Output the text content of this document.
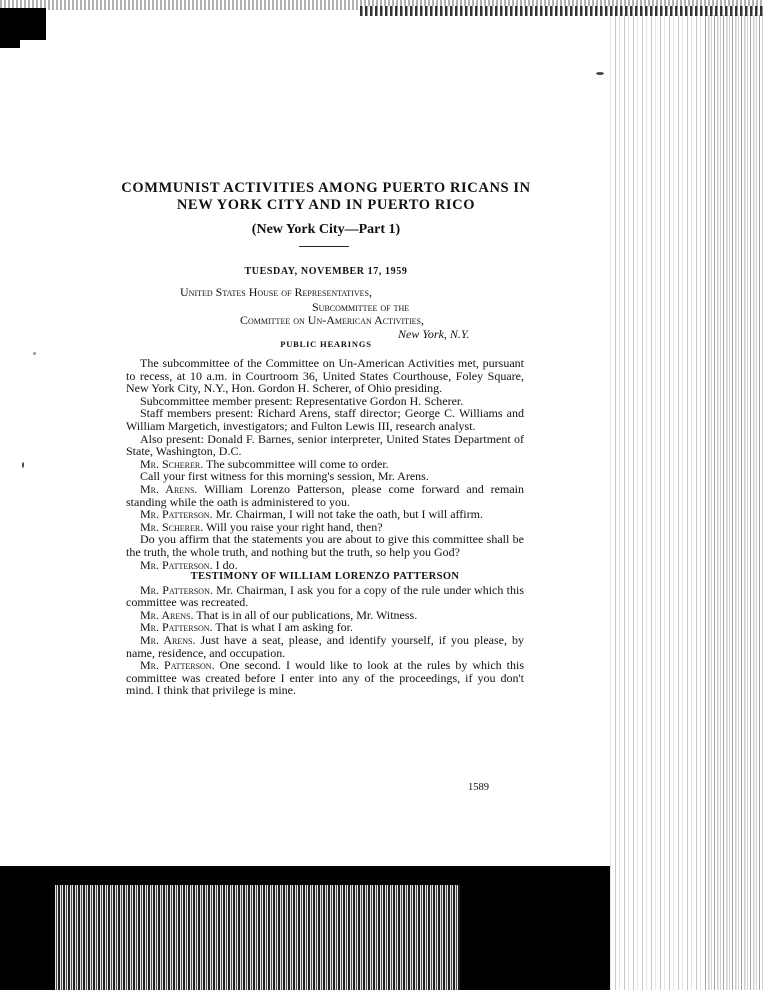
COMMUNIST ACTIVITIES AMONG PUERTO RICANS IN
NEW YORK CITY AND IN PUERTO RICO
(New York City—Part 1)
TUESDAY, NOVEMBER 17, 1959
United States House of Representatives,
Subcommittee of the
Committee on Un-American Activities,
New York, N.Y.
PUBLIC HEARINGS

The subcommittee of the Committee on Un-American Activities met, pursuant to recess, at 10 a.m. in Courtroom 36, United States Courthouse, Foley Square, New York City, N.Y., Hon. Gordon H. Scherer, of Ohio presiding.

Subcommittee member present: Representative Gordon H. Scherer.

Staff members present: Richard Arens, staff director; George C. Williams and William Margetich, investigators; and Fulton Lewis III, research analyst.

Also present: Donald F. Barnes, senior interpreter, United States Department of State, Washington, D.C.

Mr. Scherer. The subcommittee will come to order.

Call your first witness for this morning's session, Mr. Arens.

Mr. Arens. William Lorenzo Patterson, please come forward and remain standing while the oath is administered to you.

Mr. Patterson. Mr. Chairman, I will not take the oath, but I will affirm.

Mr. Scherer. Will you raise your right hand, then?

Do you affirm that the statements you are about to give this committee shall be the truth, the whole truth, and nothing but the truth, so help you God?

Mr. Patterson. I do.

TESTIMONY OF WILLIAM LORENZO PATTERSON

Mr. Patterson. Mr. Chairman, I ask you for a copy of the rule under which this committee was recreated.

Mr. Arens. That is in all of our publications, Mr. Witness.

Mr. Patterson. That is what I am asking for.

Mr. Arens. Just have a seat, please, and identify yourself, if you please, by name, residence, and occupation.

Mr. Patterson. One second. I would like to look at the rules by which this committee was created before I enter into any of the proceedings, if you don't mind. I think that privilege is mine.

1589
